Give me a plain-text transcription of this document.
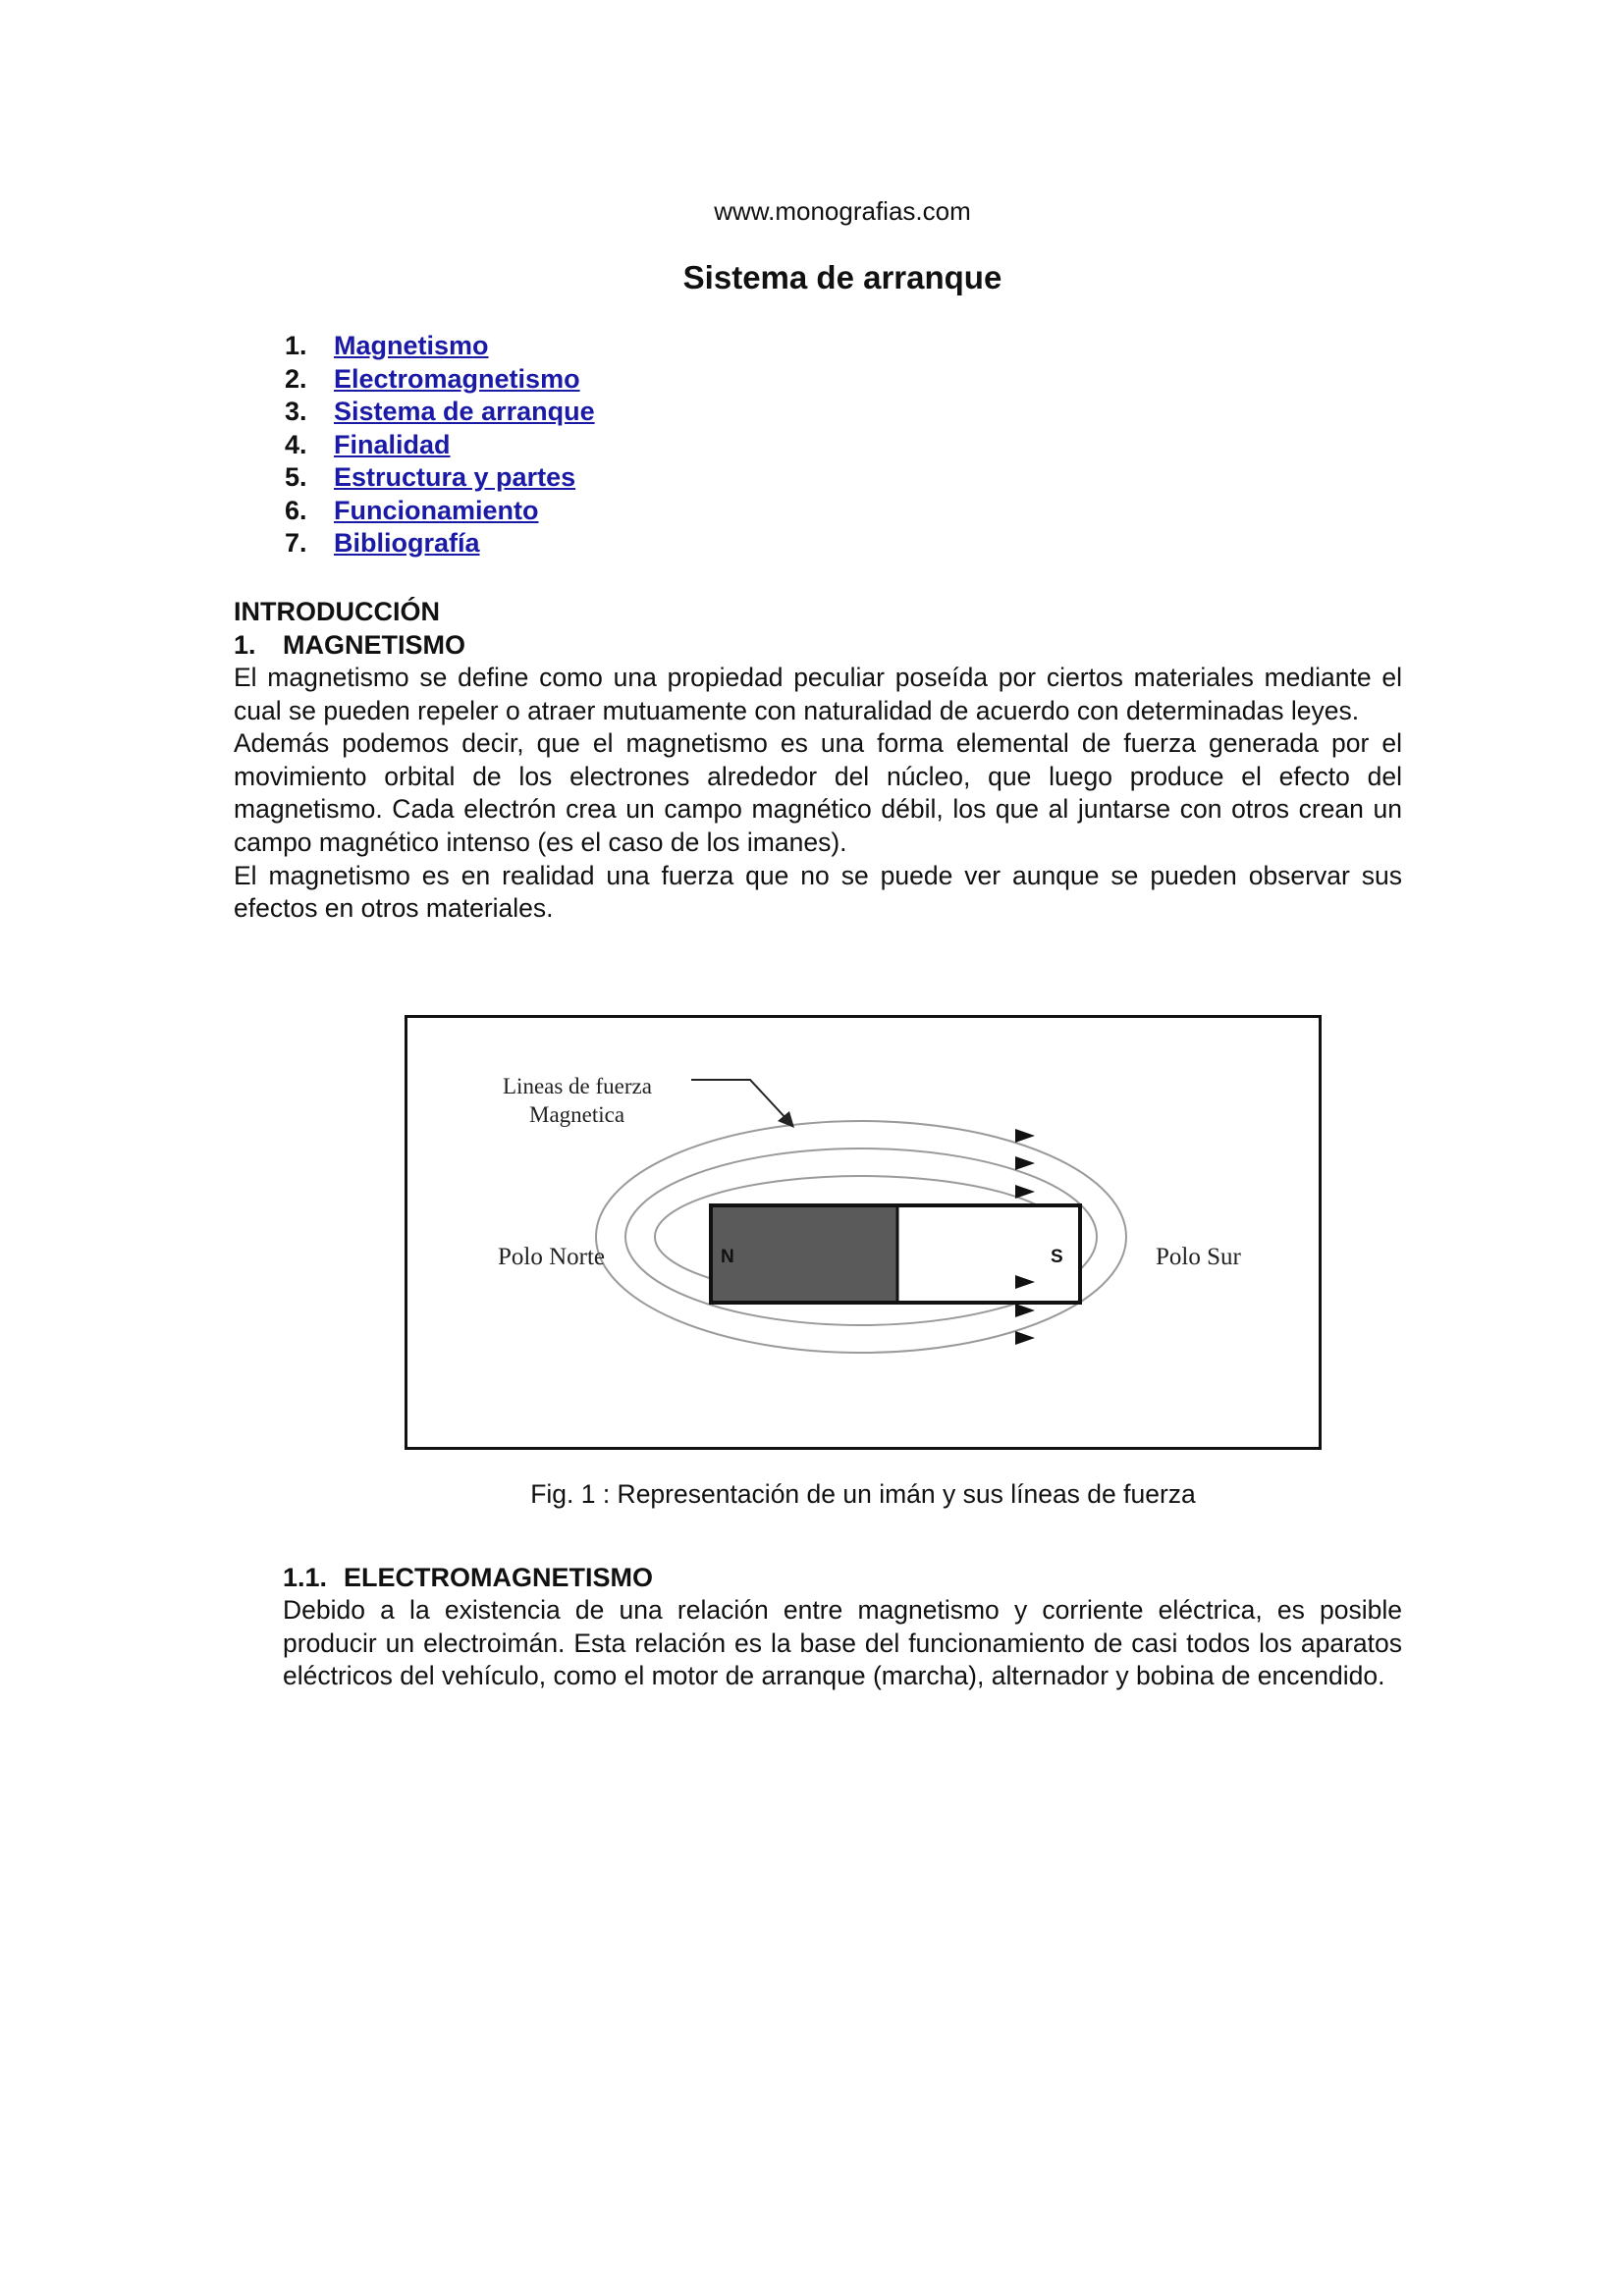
www.monografias.com
Sistema de arranque
1. Magnetismo
2. Electromagnetismo
3. Sistema de arranque
4. Finalidad
5. Estructura y partes
6. Funcionamiento
7. Bibliografía
INTRODUCCIÓN
1. MAGNETISMO

El magnetismo se define como una propiedad peculiar poseída por ciertos materiales mediante el cual se pueden repeler o atraer mutuamente con naturalidad de acuerdo con determinadas leyes.

Además podemos decir, que el magnetismo es una forma elemental de fuerza generada por el movimiento orbital de los electrones alrededor del núcleo, que luego produce el efecto del magnetismo. Cada electrón crea un campo magnético débil, los que al juntarse con otros crean un campo magnético intenso (es el caso de los imanes).

El magnetismo es en realidad una fuerza que no se puede ver aunque se pueden observar sus efectos en otros materiales.

N	S
Polo Norte	Polo Sur
Lineas de fuerza
Magnetica
Fig. 1 : Representación de un imán y sus líneas de fuerza
1.1. ELECTROMAGNETISMO

Debido a la existencia de una relación entre magnetismo y corriente eléctrica, es posible producir un electroimán. Esta relación es la base del funcionamiento de casi todos los aparatos eléctricos del vehículo, como el motor de arranque (marcha), alternador y bobina de encendido.
